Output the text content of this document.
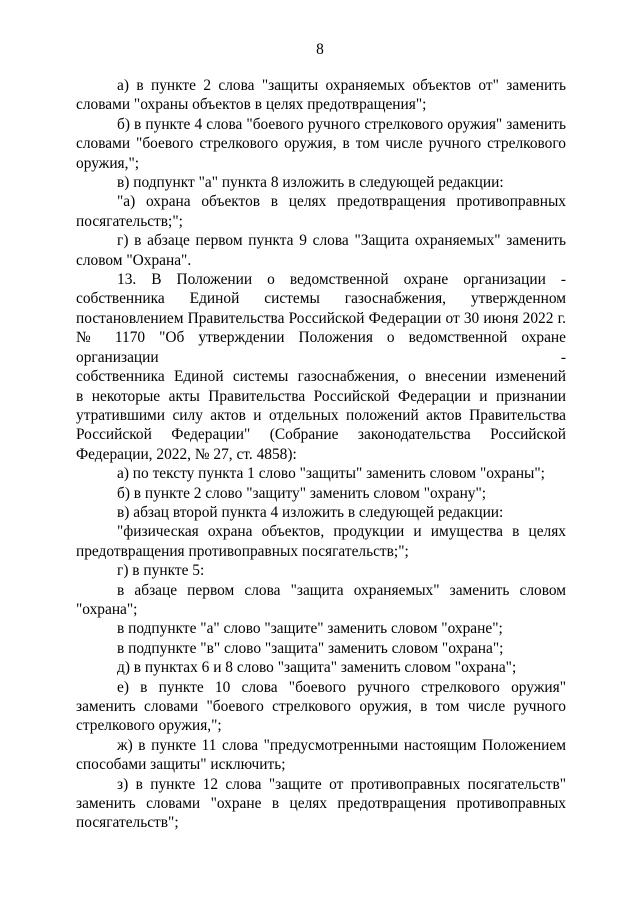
8
а) в пункте 2 слова "защиты охраняемых объектов от" заменить
словами "охраны объектов в целях предотвращения";
б) в пункте 4 слова "боевого ручного стрелкового оружия" заменить
словами "боевого стрелкового оружия, в том числе ручного стрелкового
оружия,";
в) подпункт "а" пункта 8 изложить в следующей редакции:
"а) охрана объектов в целях предотвращения противоправных
посягательств;";
г) в абзаце первом пункта 9 слова "Защита охраняемых" заменить
словом "Охрана".
13. В Положении о ведомственной охране организации -
собственника Единой системы газоснабжения, утвержденном
постановлением Правительства Российской Федерации от 30 июня 2022 г.
№ 1170 "Об утверждении Положения о ведомственной охране организации -
собственника Единой системы газоснабжения, о внесении изменений
в некоторые акты Правительства Российской Федерации и признании
утратившими силу актов и отдельных положений актов Правительства
Российской Федерации" (Собрание законодательства Российской
Федерации, 2022, № 27, ст. 4858):
а) по тексту пункта 1 слово "защиты" заменить словом "охраны";
б) в пункте 2 слово "защиту" заменить словом "охрану";
в) абзац второй пункта 4 изложить в следующей редакции:
"физическая охрана объектов, продукции и имущества в целях
предотвращения противоправных посягательств;";
г) в пункте 5:
в абзаце первом слова "защита охраняемых" заменить словом
"охрана";
в подпункте "а" слово "защите" заменить словом "охране";
в подпункте "в" слово "защита" заменить словом "охрана";
д) в пунктах 6 и 8 слово "защита" заменить словом "охрана";
е) в пункте 10 слова "боевого ручного стрелкового оружия"
заменить словами "боевого стрелкового оружия, в том числе ручного
стрелкового оружия,";
ж) в пункте 11 слова "предусмотренными настоящим Положением
способами защиты" исключить;
з) в пункте 12 слова "защите от противоправных посягательств"
заменить словами "охране в целях предотвращения противоправных
посягательств";
